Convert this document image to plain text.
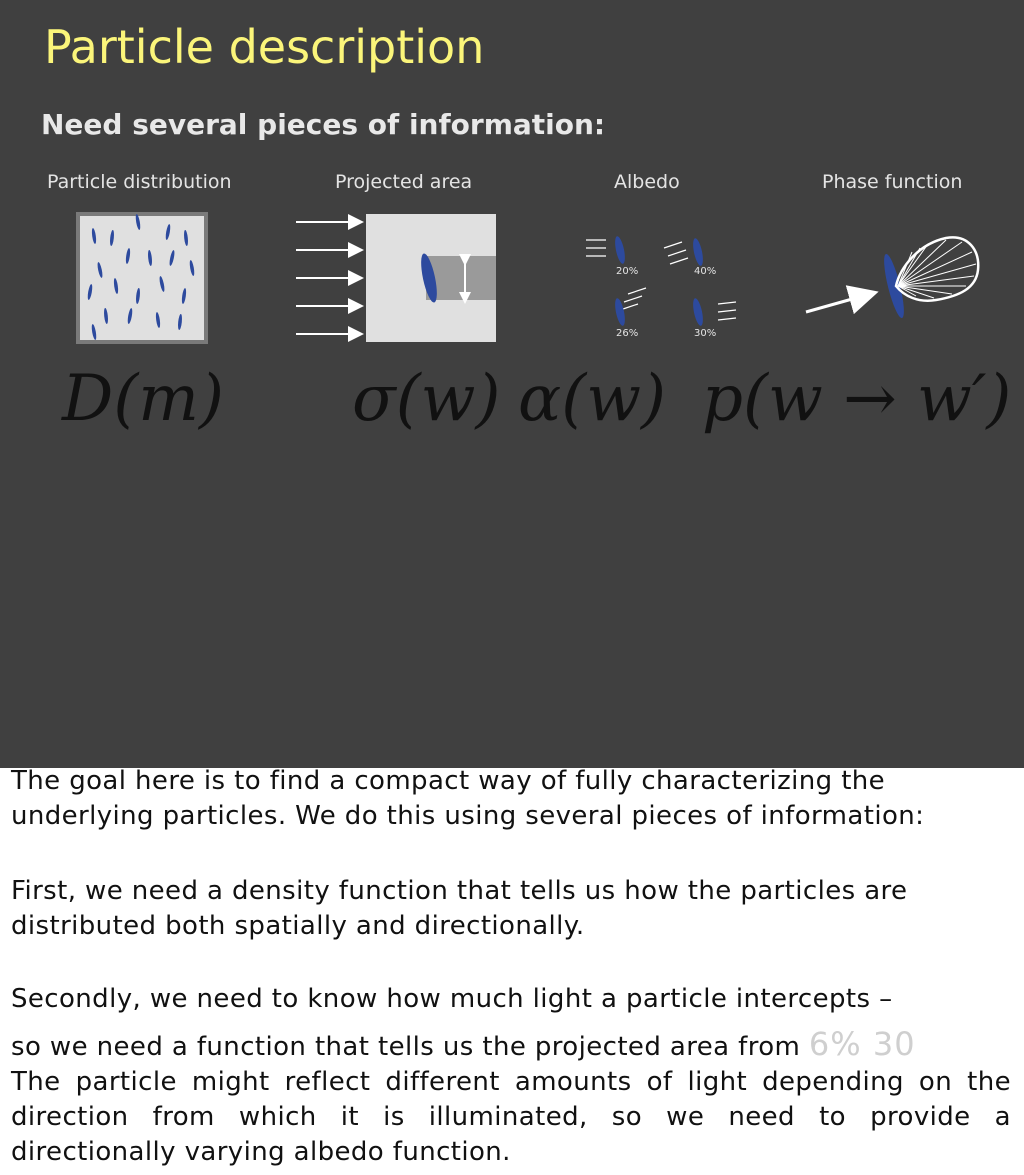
Particle description
Need several pieces of information:
Particle distribution	Projected area	Albedo	Phase function
20%	40%
26%	30%
D(m) σ(w) α(w) p(w → w′)

The goal here is to find a compact way of fully characterizing the
underlying particles. We do this using several pieces of information:

First, we need a density function that tells us how the particles are
distributed both spatially and directionally.

Secondly, we need to know how much light a particle intercepts –
so we need a function that tells us the projected area from 6% 30

The particle might reflect different amounts of light depending on the direction from which it is illuminated, so we need to provide a directionally varying albedo function.
